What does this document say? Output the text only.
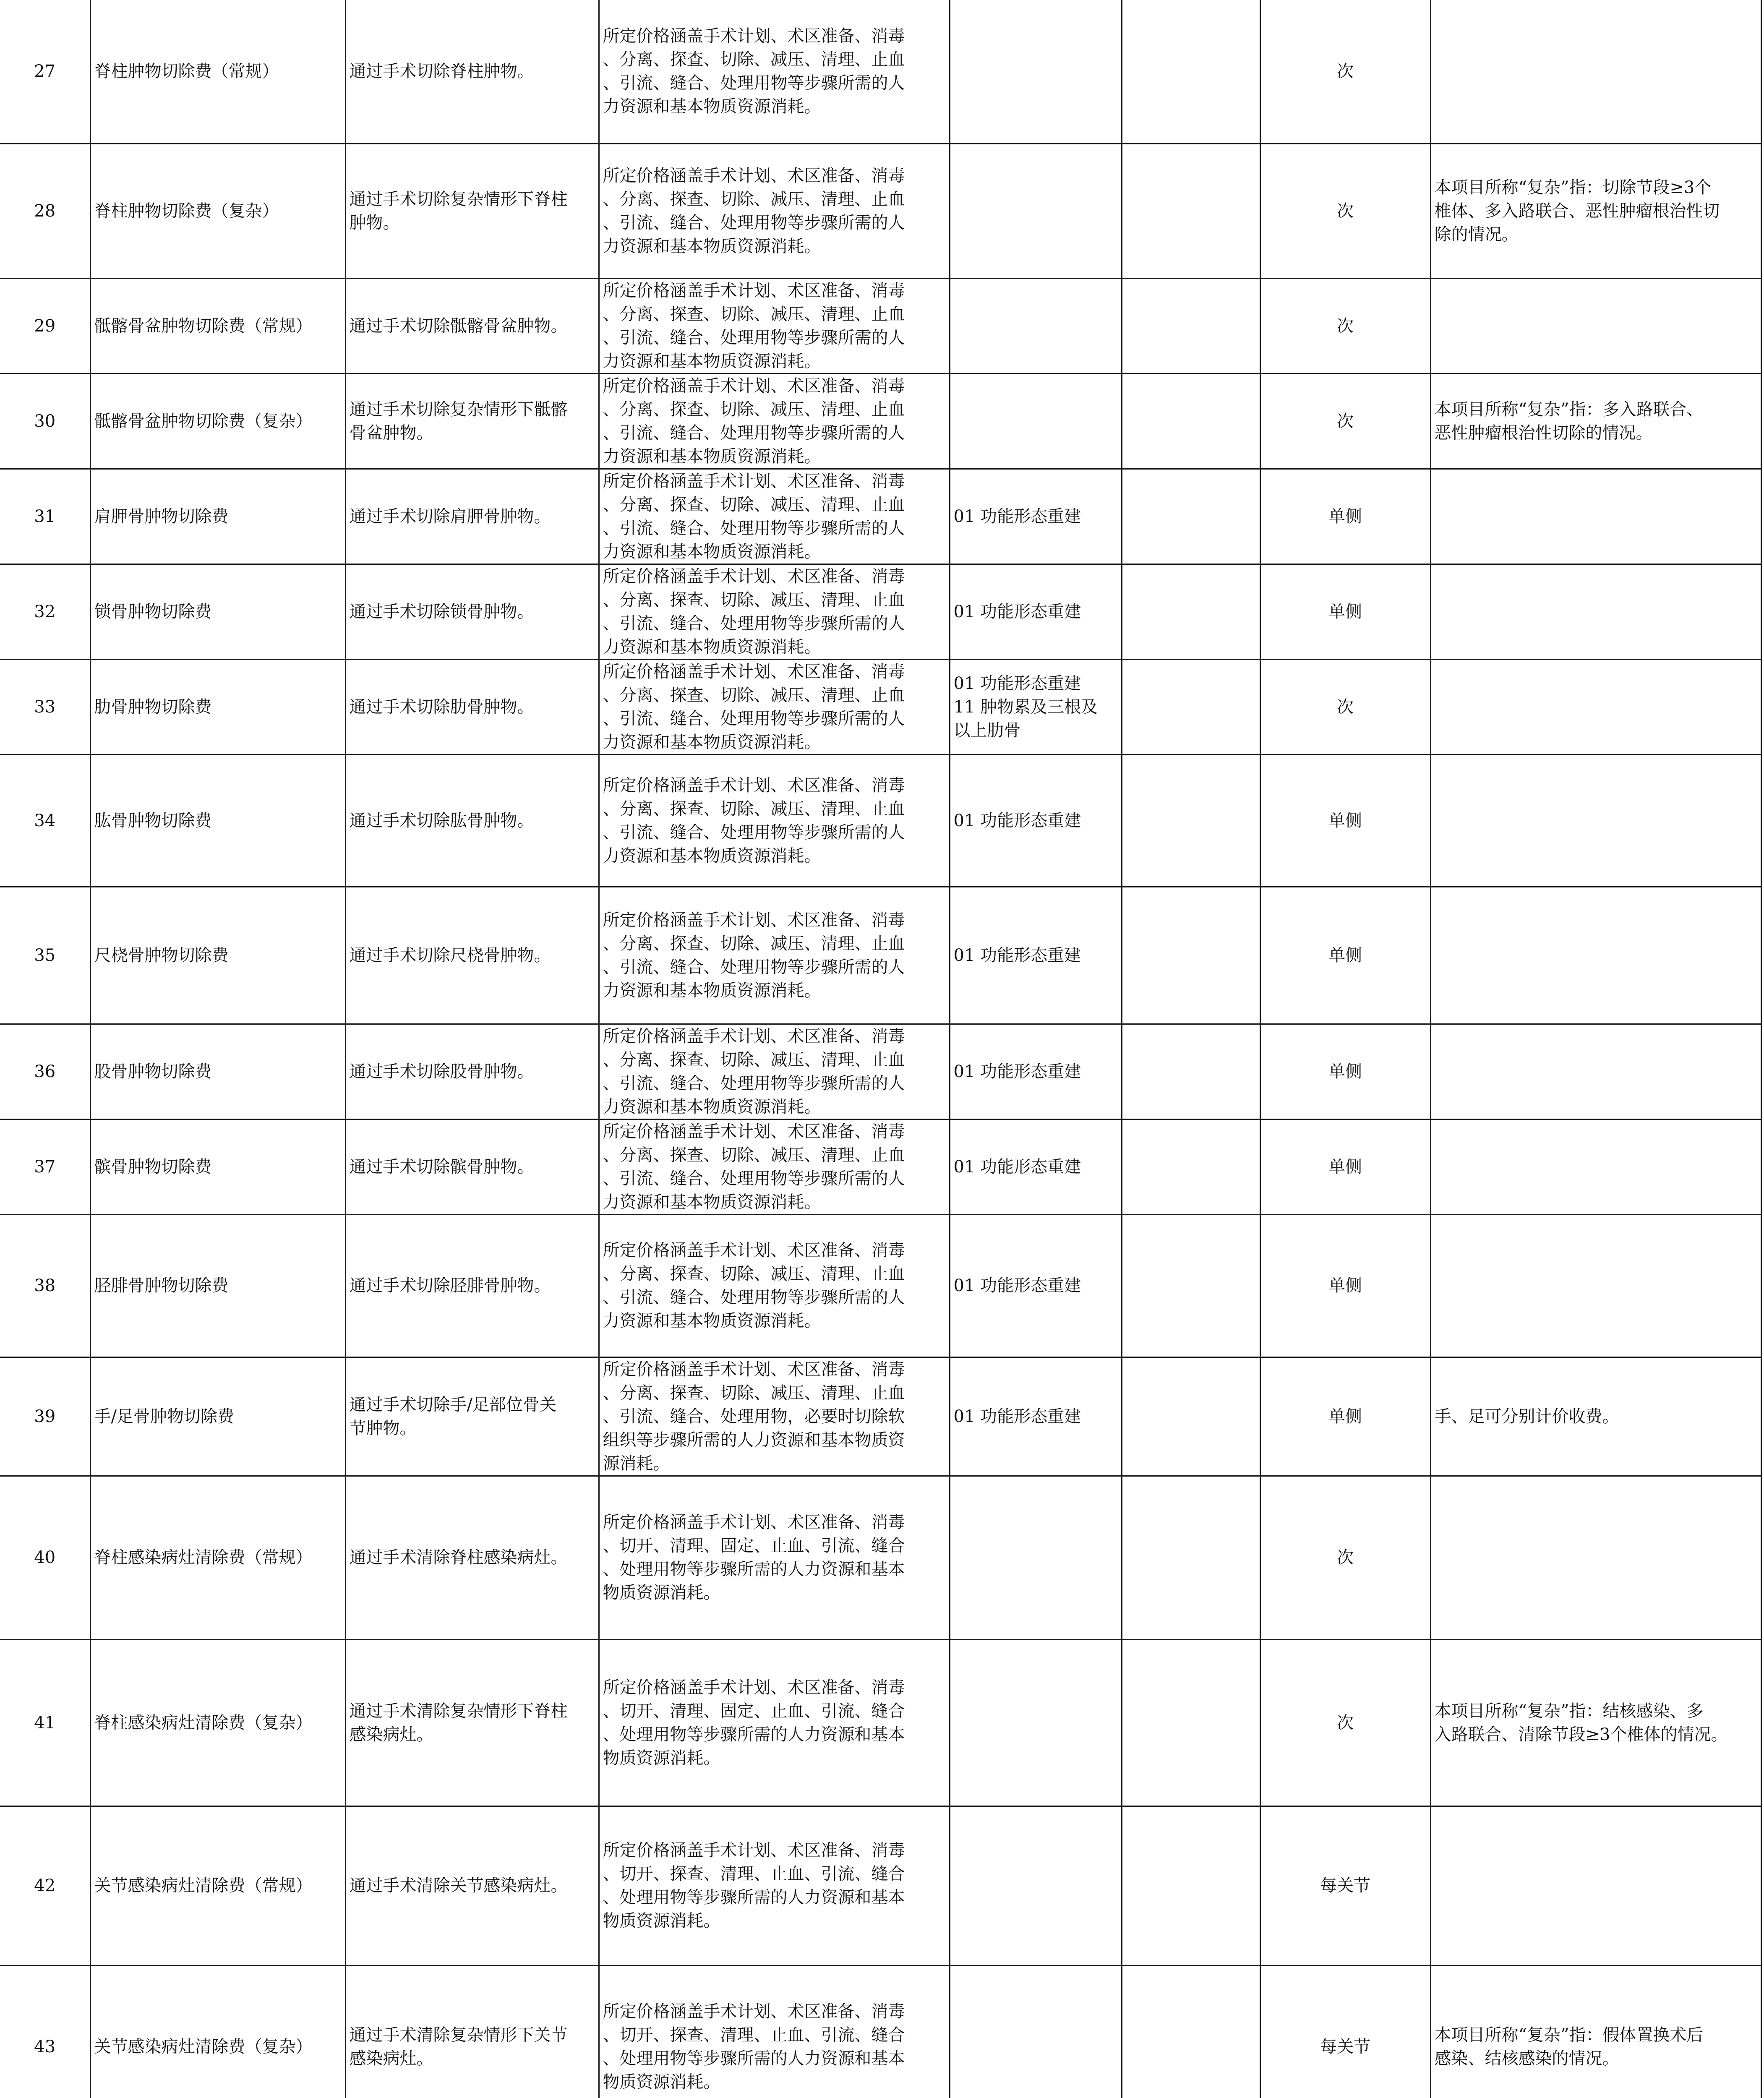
27	脊柱肿物切除费（常规）	通过手术切除脊柱肿物。	所定价格涵盖手术计划、术区准备、消毒
、分离、探查、切除、减压、清理、止血
、引流、缝合、处理用物等步骤所需的人
力资源和基本物质资源消耗。			次	
28	脊柱肿物切除费（复杂）	通过手术切除复杂情形下脊柱
肿物。	所定价格涵盖手术计划、术区准备、消毒
、分离、探查、切除、减压、清理、止血
、引流、缝合、处理用物等步骤所需的人
力资源和基本物质资源消耗。			次	本项目所称“复杂”指：切除节段≥3个
椎体、多入路联合、恶性肿瘤根治性切
除的情况。

29	骶髂骨盆肿物切除费（常规）	通过手术切除骶髂骨盆肿物。	所定价格涵盖手术计划、术区准备、消毒
、分离、探查、切除、减压、清理、止血
、引流、缝合、处理用物等步骤所需的人
力资源和基本物质资源消耗。			次	
30	骶髂骨盆肿物切除费（复杂）	通过手术切除复杂情形下骶髂
骨盆肿物。	所定价格涵盖手术计划、术区准备、消毒
、分离、探查、切除、减压、清理、止血
、引流、缝合、处理用物等步骤所需的人
力资源和基本物质资源消耗。			次	本项目所称“复杂”指：多入路联合、
恶性肿瘤根治性切除的情况。

31	肩胛骨肿物切除费	通过手术切除肩胛骨肿物。	所定价格涵盖手术计划、术区准备、消毒
、分离、探查、切除、减压、清理、止血
、引流、缝合、处理用物等步骤所需的人
力资源和基本物质资源消耗。	01 功能形态重建		单侧	
32	锁骨肿物切除费	通过手术切除锁骨肿物。	所定价格涵盖手术计划、术区准备、消毒
、分离、探查、切除、减压、清理、止血
、引流、缝合、处理用物等步骤所需的人
力资源和基本物质资源消耗。	01 功能形态重建		单侧	
33	肋骨肿物切除费	通过手术切除肋骨肿物。	所定价格涵盖手术计划、术区准备、消毒
、分离、探查、切除、减压、清理、止血
、引流、缝合、处理用物等步骤所需的人
力资源和基本物质资源消耗。	01 功能形态重建
11 肿物累及三根及
以上肋骨		次	
34	肱骨肿物切除费	通过手术切除肱骨肿物。	所定价格涵盖手术计划、术区准备、消毒
、分离、探查、切除、减压、清理、止血
、引流、缝合、处理用物等步骤所需的人
力资源和基本物质资源消耗。	01 功能形态重建		单侧	
35	尺桡骨肿物切除费	通过手术切除尺桡骨肿物。	所定价格涵盖手术计划、术区准备、消毒
、分离、探查、切除、减压、清理、止血
、引流、缝合、处理用物等步骤所需的人
力资源和基本物质资源消耗。	01 功能形态重建		单侧	
36	股骨肿物切除费	通过手术切除股骨肿物。	所定价格涵盖手术计划、术区准备、消毒
、分离、探查、切除、减压、清理、止血
、引流、缝合、处理用物等步骤所需的人
力资源和基本物质资源消耗。	01 功能形态重建		单侧	
37	髌骨肿物切除费	通过手术切除髌骨肿物。	所定价格涵盖手术计划、术区准备、消毒
、分离、探查、切除、减压、清理、止血
、引流、缝合、处理用物等步骤所需的人
力资源和基本物质资源消耗。	01 功能形态重建		单侧	
38	胫腓骨肿物切除费	通过手术切除胫腓骨肿物。	所定价格涵盖手术计划、术区准备、消毒
、分离、探查、切除、减压、清理、止血
、引流、缝合、处理用物等步骤所需的人
力资源和基本物质资源消耗。	01 功能形态重建		单侧	
39	手/足骨肿物切除费	通过手术切除手/足部位骨关
节肿物。	所定价格涵盖手术计划、术区准备、消毒
、分离、探查、切除、减压、清理、止血
、引流、缝合、处理用物，必要时切除软
组织等步骤所需的人力资源和基本物质资
源消耗。	01 功能形态重建		单侧	手、足可分别计价收费。

40	脊柱感染病灶清除费（常规）	通过手术清除脊柱感染病灶。	所定价格涵盖手术计划、术区准备、消毒
、切开、清理、固定、止血、引流、缝合
、处理用物等步骤所需的人力资源和基本
物质资源消耗。			次	
41	脊柱感染病灶清除费（复杂）	通过手术清除复杂情形下脊柱
感染病灶。	所定价格涵盖手术计划、术区准备、消毒
、切开、清理、固定、止血、引流、缝合
、处理用物等步骤所需的人力资源和基本
物质资源消耗。			次	本项目所称“复杂”指：结核感染、多
入路联合、清除节段≥3个椎体的情况。

42	关节感染病灶清除费（常规）	通过手术清除关节感染病灶。	所定价格涵盖手术计划、术区准备、消毒
、切开、探查、清理、止血、引流、缝合
、处理用物等步骤所需的人力资源和基本
物质资源消耗。			每关节	
43	关节感染病灶清除费（复杂）	通过手术清除复杂情形下关节
感染病灶。	所定价格涵盖手术计划、术区准备、消毒
、切开、探查、清理、止血、引流、缝合
、处理用物等步骤所需的人力资源和基本
物质资源消耗。			每关节	本项目所称“复杂”指：假体置换术后
感染、结核感染的情况。
